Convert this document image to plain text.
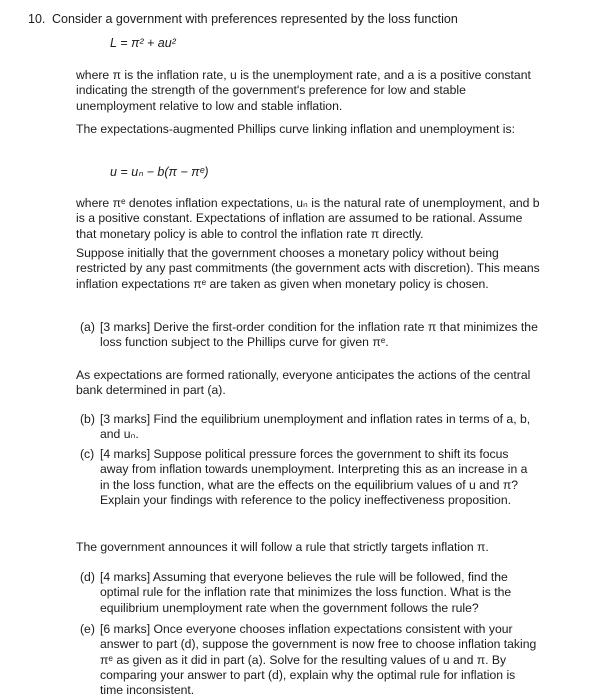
10. Consider a government with preferences represented by the loss function
L = π² + au²
where π is the inflation rate, u is the unemployment rate, and a is a positive constant indicating the strength of the government's preference for low and stable unemployment relative to low and stable inflation.
The expectations-augmented Phillips curve linking inflation and unemployment is:
u = uₙ − b(π − πᵉ)
where πᵉ denotes inflation expectations, uₙ is the natural rate of unemployment, and b is a positive constant. Expectations of inflation are assumed to be rational. Assume that monetary policy is able to control the inflation rate π directly.
Suppose initially that the government chooses a monetary policy without being restricted by any past commitments (the government acts with discretion). This means inflation expectations πᵉ are taken as given when monetary policy is chosen.
(a) [3 marks] Derive the first-order condition for the inflation rate π that minimizes the loss function subject to the Phillips curve for given πᵉ.
As expectations are formed rationally, everyone anticipates the actions of the central bank determined in part (a).
(b) [3 marks] Find the equilibrium unemployment and inflation rates in terms of a, b, and uₙ.
(c) [4 marks] Suppose political pressure forces the government to shift its focus away from inflation towards unemployment. Interpreting this as an increase in a in the loss function, what are the effects on the equilibrium values of u and π? Explain your findings with reference to the policy ineffectiveness proposition.
The government announces it will follow a rule that strictly targets inflation π.
(d) [4 marks] Assuming that everyone believes the rule will be followed, find the optimal rule for the inflation rate that minimizes the loss function. What is the equilibrium unemployment rate when the government follows the rule?
(e) [6 marks] Once everyone chooses inflation expectations consistent with your answer to part (d), suppose the government is now free to choose inflation taking πᵉ as given as it did in part (a). Solve for the resulting values of u and π. By comparing your answer to part (d), explain why the optimal rule for inflation is time inconsistent.
